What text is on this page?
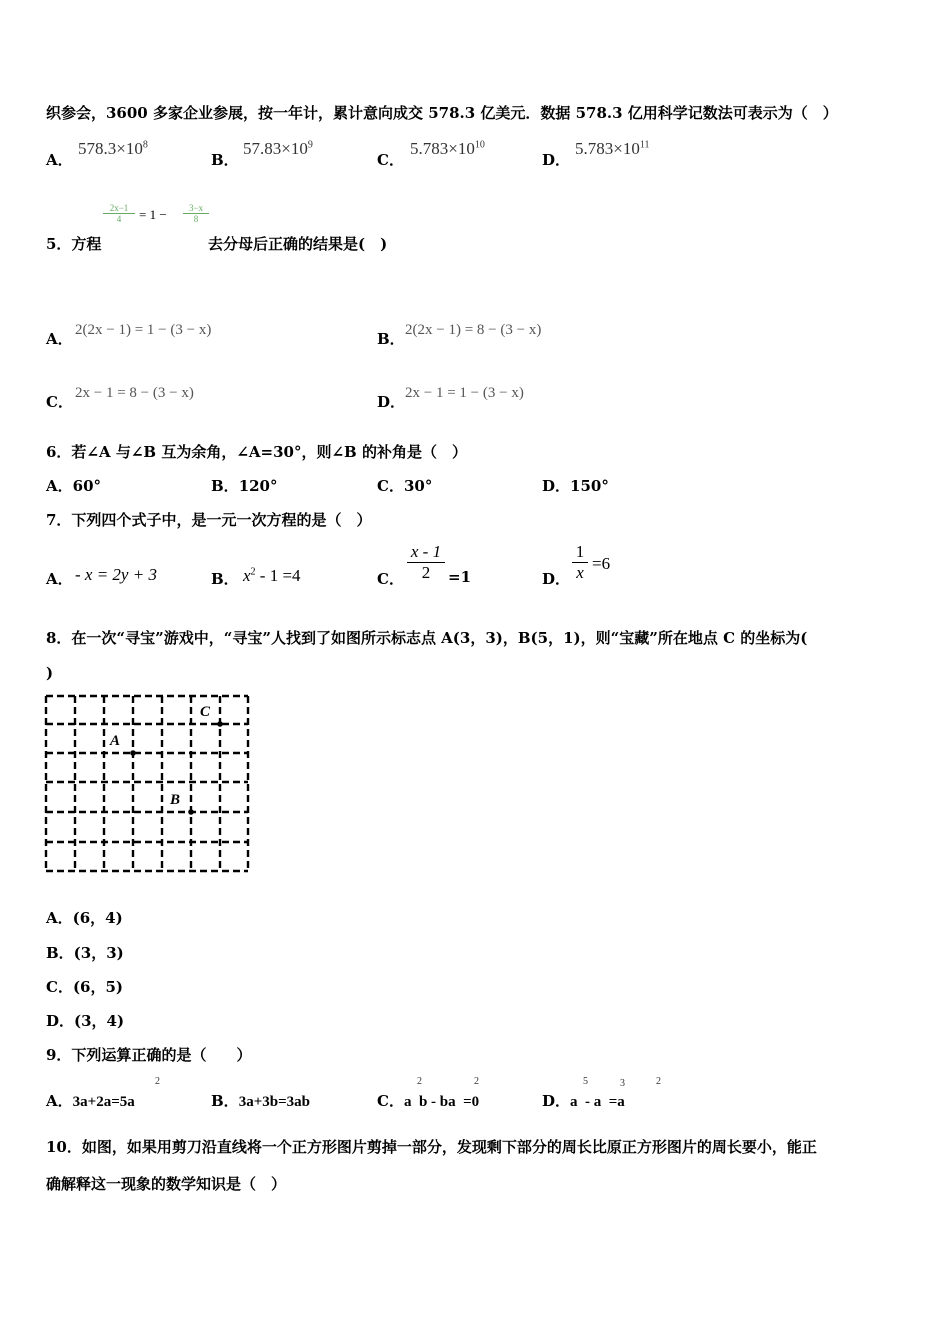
织参会，3600 多家企业参展，按一年计，累计意向成交 578.3 亿美元．数据 578.3 亿用科学记数法可表示为（　）
A．
$578.3\times 10^8$
B．
$57.83\times 10^9$
C．
$5.783\times 10^{10}$
D．
$5.783\times 10^{11}$
2x−1
4	= 1 −	3−x
8
5．方程	去分母后正确的结果是(　)
A． 2(2x − 1) = 1 − (3 − x)	B． 2(2x − 1) = 8 − (3 − x)
C． 2x − 1 = 8 − (3 − x)	D． 2x − 1 = 1 − (3 − x)
6．若∠A 与∠B 互为余角，∠A=30°，则∠B 的补角是（　）
A．60°	B．120°	C．30°	D．150°
7．下列四个式子中，是一元一次方程的是（　）
A． - x = 2y + 3	B． $x^2 - 1 =4$	C．
x - 1
2	=1	D．
1
x =6
8．在一次“寻宝”游戏中，“寻宝”人找到了如图所示标志点 A(3，3)，B(5，1)，则“宝藏”所在地点 C 的坐标为(
)
A
B
C
A．(6，4)
B．(3，3)
C．(6，5)
D．(3，4)
9．下列运算正确的是（　　）
A．3a+2a=5a
2
B．3a+3b=3ab	C．a  b - ba  =0
2	2
D．a  - a  =a
5	3	2
10．如图，如果用剪刀沿直线将一个正方形图片剪掉一部分，发现剩下部分的周长比原正方形图片的周长要小，能正
确解释这一现象的数学知识是（　）
